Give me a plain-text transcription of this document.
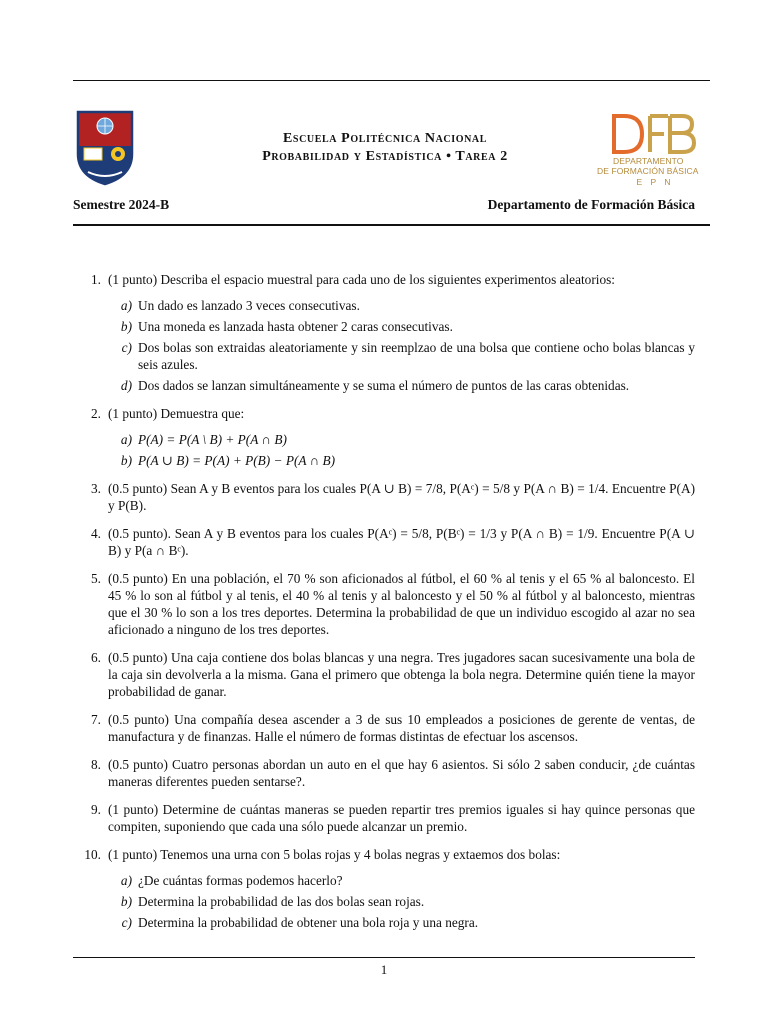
Escuela Politécnica Nacional
Probabilidad y Estadística • Tarea 2	DEPARTAMENTO
DE FORMACIÓN BÁSICA
E P N
Semestre 2024-B	Departamento de Formación Básica
1. (1 punto) Describa el espacio muestral para cada uno de los siguientes experimentos aleatorios:
a) Un dado es lanzado 3 veces consecutivas.
b) Una moneda es lanzada hasta obtener 2 caras consecutivas.
c) Dos bolas son extraidas aleatoriamente y sin reemplzao de una bolsa que contiene ocho bolas blancas y seis azules.
d) Dos dados se lanzan simultáneamente y se suma el número de puntos de las caras obtenidas.
2. (1 punto) Demuestra que:
a) P(A) = P(A \ B) + P(A ∩ B)
b) P(A ∪ B) = P(A) + P(B) − P(A ∩ B)
3. (0.5 punto) Sean A y B eventos para los cuales P(A ∪ B) = 7/8, P(Aᶜ) = 5/8 y P(A ∩ B) = 1/4. Encuentre P(A) y P(B).
4. (0.5 punto). Sean A y B eventos para los cuales P(Aᶜ) = 5/8, P(Bᶜ) = 1/3 y P(A ∩ B) = 1/9. Encuentre P(A ∪ B) y P(a ∩ Bᶜ).
5. (0.5 punto) En una población, el 70 % son aficionados al fútbol, el 60 % al tenis y el 65 % al baloncesto. El 45 % lo son al fútbol y al tenis, el 40 % al tenis y al baloncesto y el 50 % al fútbol y al baloncesto, mientras que el 30 % lo son a los tres deportes. Determina la probabilidad de que un individuo escogido al azar no sea aficionado a ninguno de los tres deportes.
6. (0.5 punto) Una caja contiene dos bolas blancas y una negra. Tres jugadores sacan sucesivamente una bola de la caja sin devolverla a la misma. Gana el primero que obtenga la bola negra. Determine quién tiene la mayor probabilidad de ganar.
7. (0.5 punto) Una compañía desea ascender a 3 de sus 10 empleados a posiciones de gerente de ventas, de manufactura y de finanzas. Halle el número de formas distintas de efectuar los ascensos.
8. (0.5 punto) Cuatro personas abordan un auto en el que hay 6 asientos. Si sólo 2 saben conducir, ¿de cuántas maneras diferentes pueden sentarse?.
9. (1 punto) Determine de cuántas maneras se pueden repartir tres premios iguales si hay quince personas que compiten, suponiendo que cada una sólo puede alcanzar un premio.
10. (1 punto) Tenemos una urna con 5 bolas rojas y 4 bolas negras y extaemos dos bolas:
a) ¿De cuántas formas podemos hacerlo?
b) Determina la probabilidad de las dos bolas sean rojas.
c) Determina la probabilidad de obtener una bola roja y una negra.
1
